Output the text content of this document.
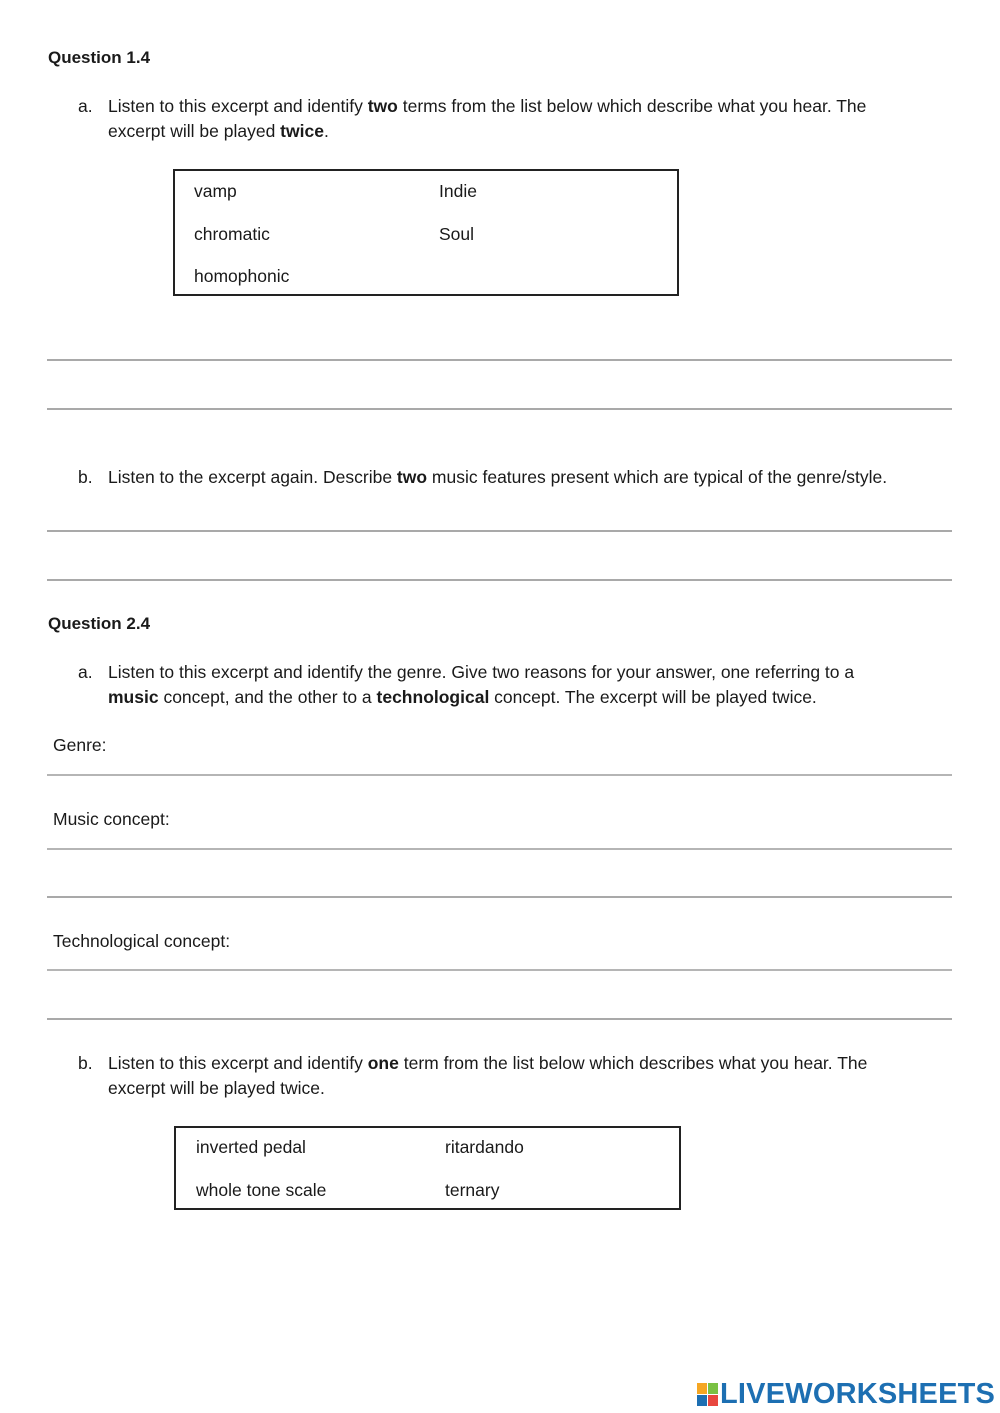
Question 1.4
a. Listen to this excerpt and identify two terms from the list below which describe what you hear. The
excerpt will be played twice.
vamp	Indie
chromatic	Soul
homophonic
b. Listen to the excerpt again. Describe two music features present which are typical of the genre/style.
Question 2.4
a. Listen to this excerpt and identify the genre. Give two reasons for your answer, one referring to a
music concept, and the other to a technological concept. The excerpt will be played twice.
Genre:
Music concept:
Technological concept:
b. Listen to this excerpt and identify one term from the list below which describes what you hear. The
excerpt will be played twice.
inverted pedal	ritardando
whole tone scale	ternary
LIVEWORKSHEETS
